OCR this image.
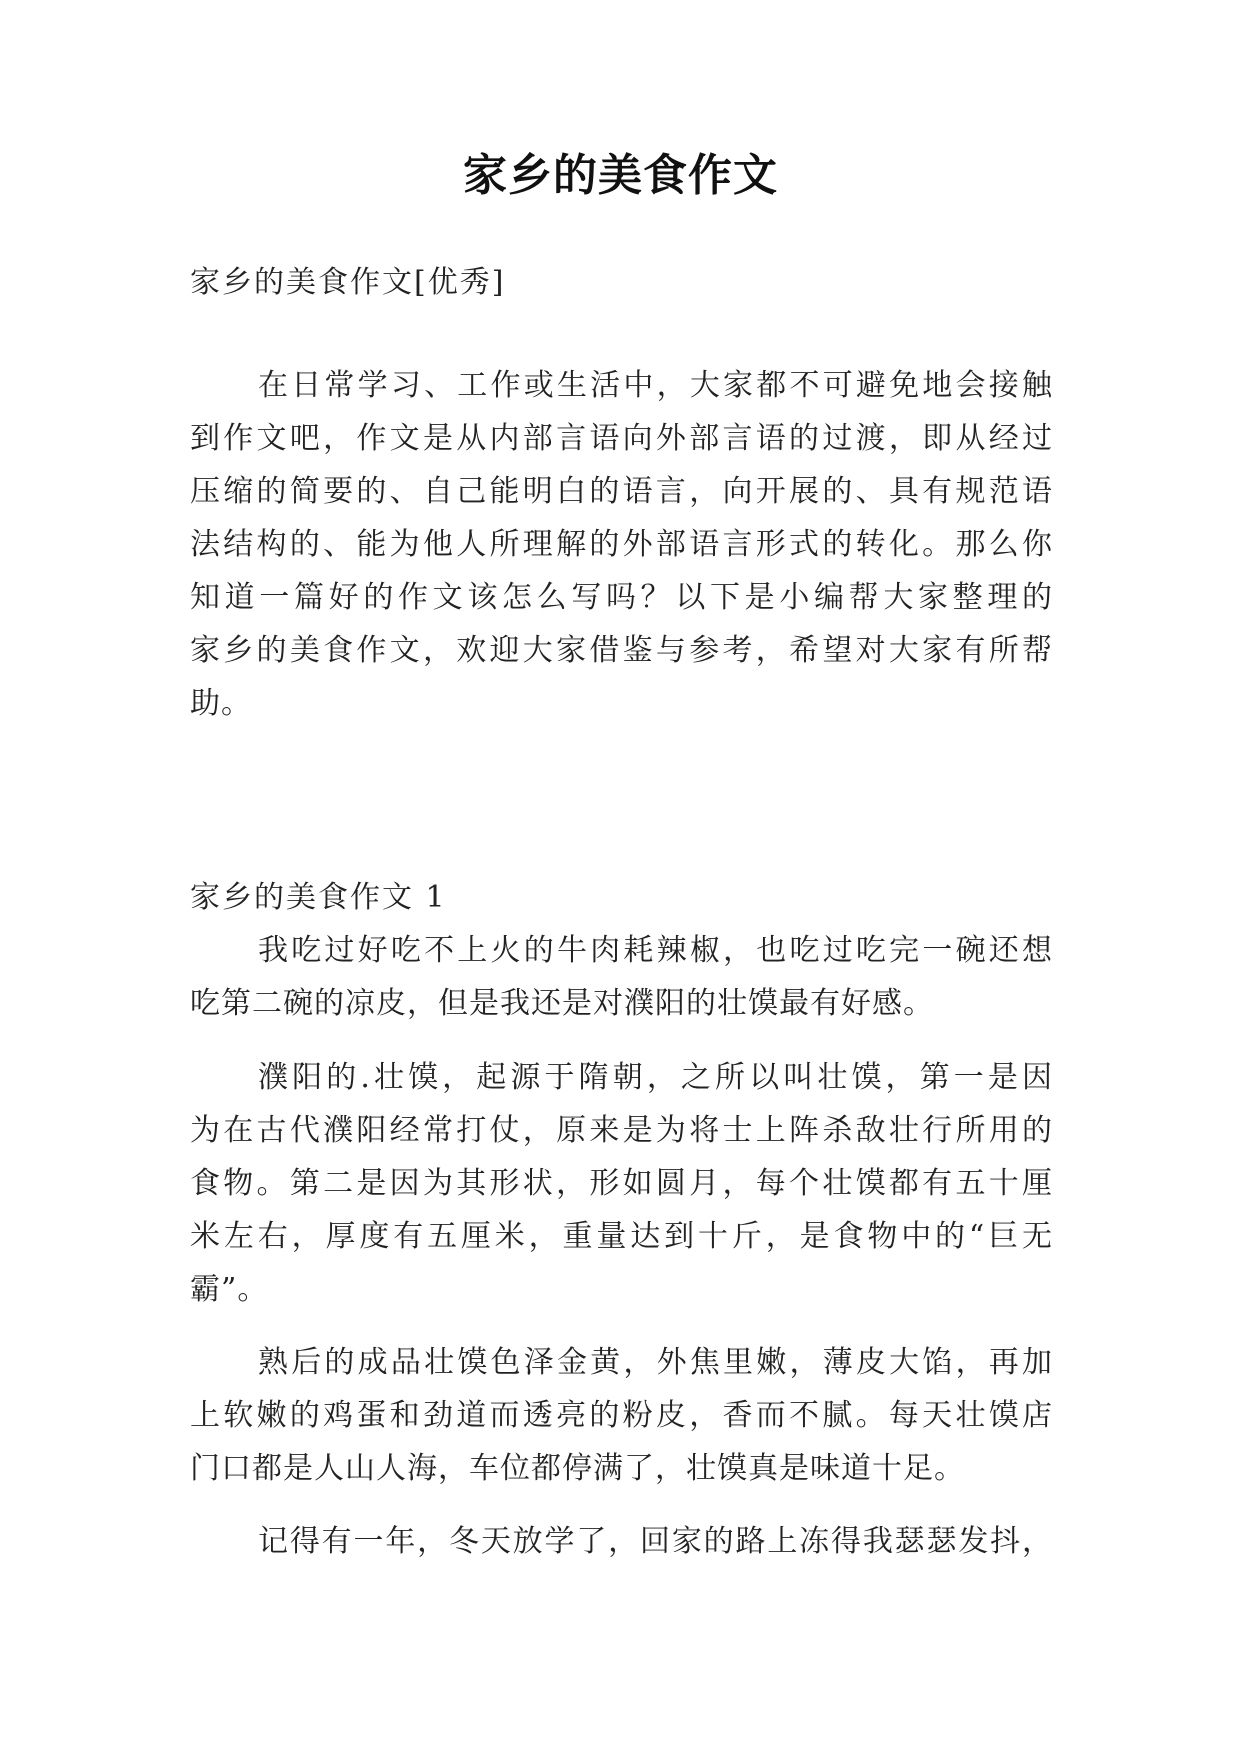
家乡的美食作文
家乡的美食作文[优秀]
在日常学习、工作或生活中，大家都不可避免地会接触
到作文吧，作文是从内部言语向外部言语的过渡，即从经过
压缩的简要的、自己能明白的语言，向开展的、具有规范语
法结构的、能为他人所理解的外部语言形式的转化。那么你
知道一篇好的作文该怎么写吗？以下是小编帮大家整理的
家乡的美食作文，欢迎大家借鉴与参考，希望对大家有所帮
助。
家乡的美食作文 1
我吃过好吃不上火的牛肉耗辣椒，也吃过吃完一碗还想
吃第二碗的凉皮，但是我还是对濮阳的壮馍最有好感。
濮阳的.壮馍，起源于隋朝，之所以叫壮馍，第一是因
为在古代濮阳经常打仗，原来是为将士上阵杀敌壮行所用的
食物。第二是因为其形状，形如圆月，每个壮馍都有五十厘
米左右，厚度有五厘米，重量达到十斤，是食物中的“巨无
霸”。
熟后的成品壮馍色泽金黄，外焦里嫩，薄皮大馅，再加
上软嫩的鸡蛋和劲道而透亮的粉皮，香而不腻。每天壮馍店
门口都是人山人海，车位都停满了，壮馍真是味道十足。
记得有一年，冬天放学了，回家的路上冻得我瑟瑟发抖，
